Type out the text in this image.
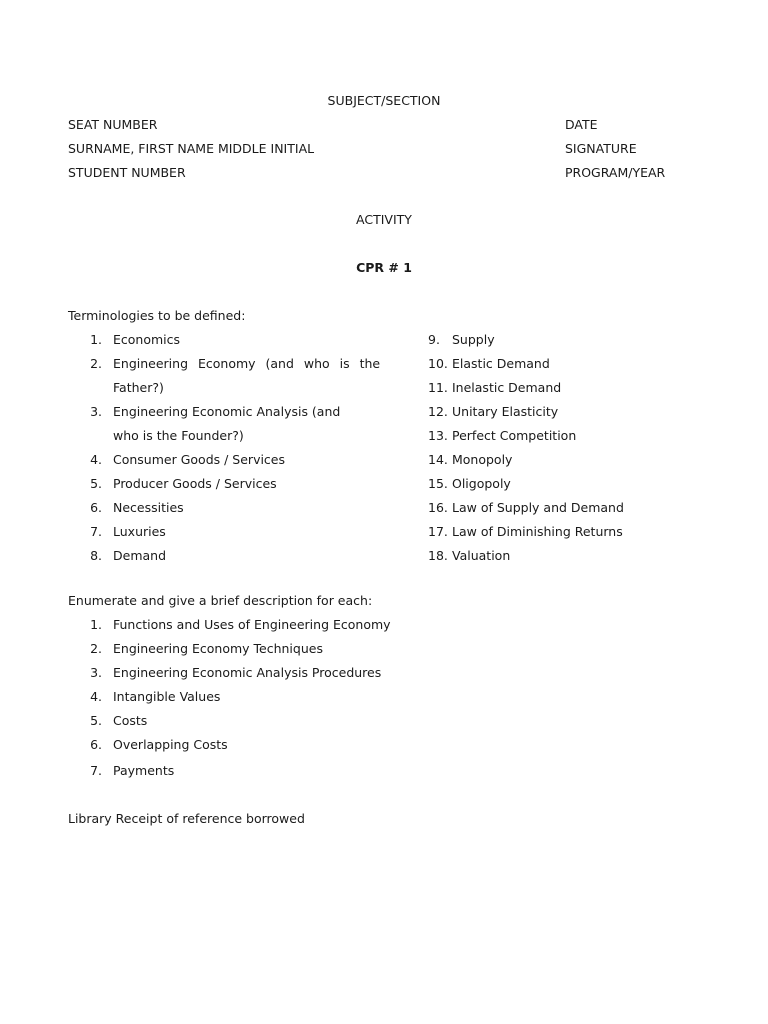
SUBJECT/SECTION
SEAT NUMBER	DATE
SURNAME, FIRST NAME MIDDLE INITIAL	SIGNATURE
STUDENT NUMBER	PROGRAM/YEAR
ACTIVITY
CPR # 1
Terminologies to be defined:
1. Economics
2. Engineering Economy (and who is the
Father?)
3. Engineering Economic Analysis (and
who is the Founder?)
4. Consumer Goods / Services
5. Producer Goods / Services
6. Necessities
7. Luxuries
8. Demand
9. Supply
10. Elastic Demand
11. Inelastic Demand
12. Unitary Elasticity
13. Perfect Competition
14. Monopoly
15. Oligopoly
16. Law of Supply and Demand
17. Law of Diminishing Returns
18. Valuation
Enumerate and give a brief description for each:
1. Functions and Uses of Engineering Economy
2. Engineering Economy Techniques
3. Engineering Economic Analysis Procedures
4. Intangible Values
5. Costs
6. Overlapping Costs
7. Payments
Library Receipt of reference borrowed
